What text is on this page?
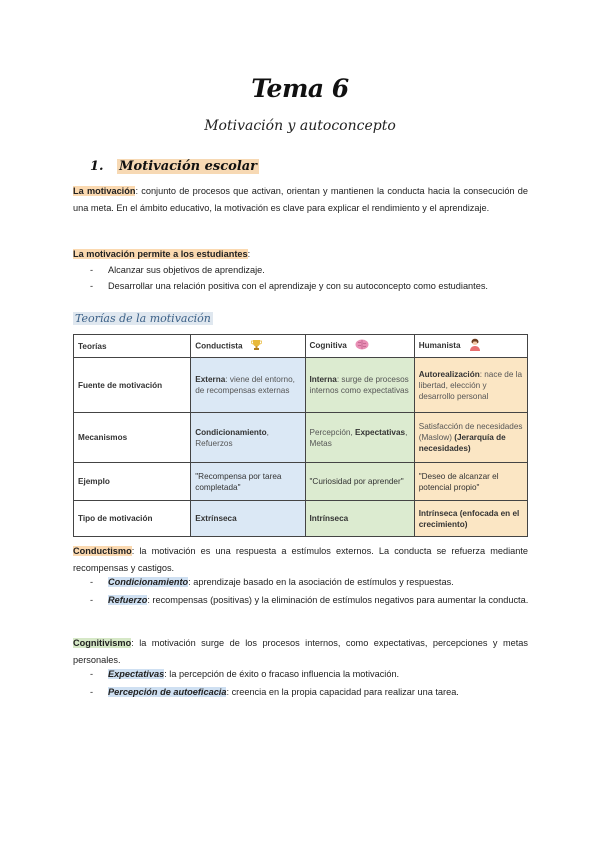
Tema 6
Motivación y autoconcepto
1. Motivación escolar
La motivación: conjunto de procesos que activan, orientan y mantienen la conducta hacia la consecución de una meta. En el ámbito educativo, la motivación es clave para explicar el rendimiento y el aprendizaje.
La motivación permite a los estudiantes:
- Alcanzar sus objetivos de aprendizaje.
- Desarrollar una relación positiva con el aprendizaje y con su autoconcepto como estudiantes.
Teorías de la motivación
Teorías	Conductista	Cognitiva	Humanista
Fuente de motivación	Externa: viene del entorno, de recompensas externas	Interna: surge de procesos internos como expectativas	Autorealización: nace de la libertad, elección y desarrollo personal
Mecanismos	Condicionamiento, Refuerzos	Percepción, Expectativas, Metas	Satisfacción de necesidades (Maslow) (Jerarquía de necesidades)
Ejemplo	"Recompensa por tarea completada"	"Curiosidad por aprender"	"Deseo de alcanzar el potencial propio"
Tipo de motivación	Extrínseca	Intrínseca	Intrínseca (enfocada en el crecimiento)
Conductismo: la motivación es una respuesta a estímulos externos. La conducta se refuerza mediante recompensas y castigos.
- Condicionamiento: aprendizaje basado en la asociación de estímulos y respuestas.
- Refuerzo: recompensas (positivas) y la eliminación de estímulos negativos para aumentar la conducta.
Cognitivismo: la motivación surge de los procesos internos, como expectativas, percepciones y metas personales.
- Expectativas: la percepción de éxito o fracaso influencia la motivación.
- Percepción de autoeficacia: creencia en la propia capacidad para realizar una tarea.
